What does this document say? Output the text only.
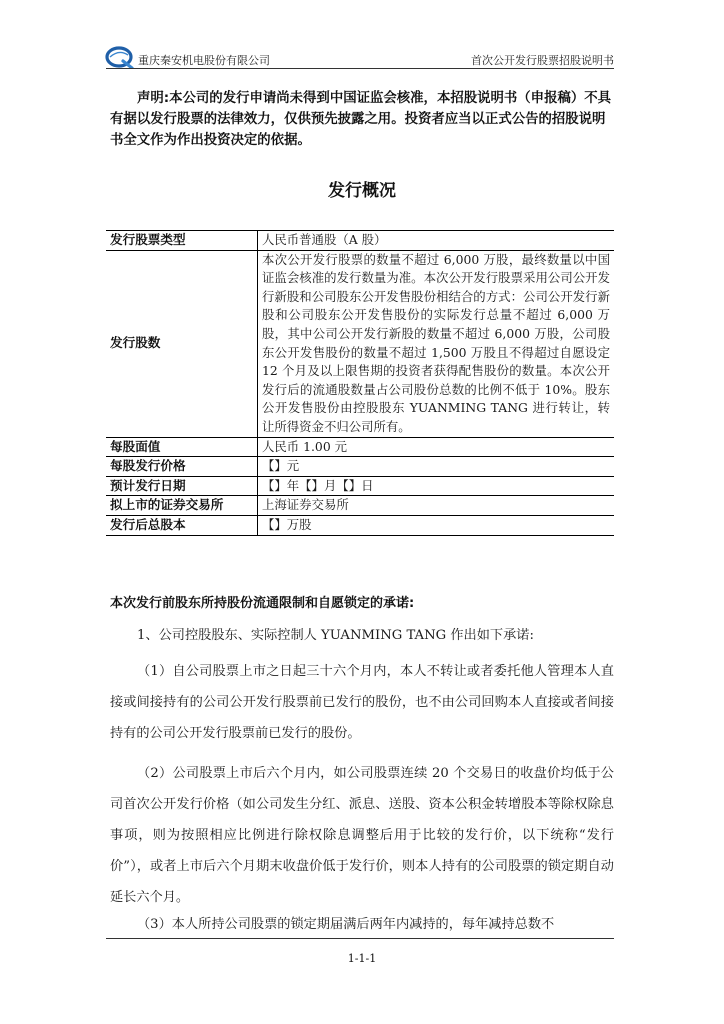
重庆秦安机电股份有限公司	首次公开发行股票招股说明书
声明:本公司的发行申请尚未得到中国证监会核准，本招股说明书（申报稿）不具有据以发行股票的法律效力，仅供预先披露之用。投资者应当以正式公告的招股说明书全文作为作出投资决定的依据。
发行概况
发行股票类型	人民币普通股（A 股）
发行股数	本次公开发行股票的数量不超过 6,000 万股，最终数量以中国证监会核准的发行数量为准。本次公开发行股票采用公司公开发行新股和公司股东公开发售股份相结合的方式：公司公开发行新股和公司股东公开发售股份的实际发行总量不超过 6,000 万股，其中公司公开发行新股的数量不超过 6,000 万股，公司股东公开发售股份的数量不超过 1,500 万股且不得超过自愿设定 12 个月及以上限售期的投资者获得配售股份的数量。本次公开发行后的流通股数量占公司股份总数的比例不低于 10%。股东公开发售股份由控股股东 YUANMING TANG 进行转让，转让所得资金不归公司所有。
每股面值	人民币 1.00 元
每股发行价格	【】元
预计发行日期	【】年【】月【】日
拟上市的证券交易所	上海证券交易所
发行后总股本	【】万股
本次发行前股东所持股份流通限制和自愿锁定的承诺:
1、公司控股股东、实际控制人 YUANMING TANG 作出如下承诺:
（1）自公司股票上市之日起三十六个月内，本人不转让或者委托他人管理本人直接或间接持有的公司公开发行股票前已发行的股份，也不由公司回购本人直接或者间接持有的公司公开发行股票前已发行的股份。
（2）公司股票上市后六个月内，如公司股票连续 20 个交易日的收盘价均低于公司首次公开发行价格（如公司发生分红、派息、送股、资本公积金转增股本等除权除息事项，则为按照相应比例进行除权除息调整后用于比较的发行价，以下统称“发行价”），或者上市后六个月期末收盘价低于发行价，则本人持有的公司股票的锁定期自动延长六个月。
（3）本人所持公司股票的锁定期届满后两年内减持的，每年减持总数不
1-1-1
